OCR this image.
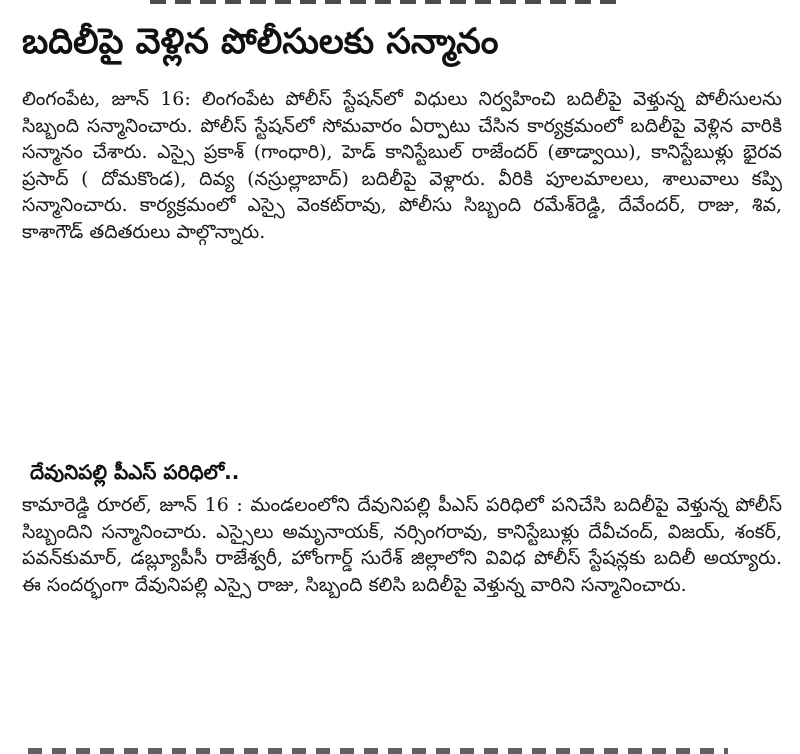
బదిలీపై వెళ్లిన పోలీసులకు సన్మానం

లింగంపేట, జూన్ 16: లింగంపేట పోలీస్ స్టేషన్‌లో విధులు నిర్వహించి బదిలీపై వెళ్తున్న పోలీసులను సిబ్బంది సన్మానించారు. పోలీస్ స్టేషన్‌లో సోమవారం ఏర్పాటు చేసిన కార్యక్రమంలో బదిలీపై వెళ్లిన వారికి సన్మానం చేశారు. ఎస్సై ప్రకాశ్ (గాంధారి), హెడ్ కానిస్టేబుల్ రాజేందర్ (తాడ్వాయి), కానిస్టేబుళ్లు భైరవ ప్రసాద్ ( దోమకొండ), దివ్య (నస్రుల్లాబాద్) బదిలీపై వెళ్లారు. వీరికి పూలమాలలు, శాలువాలు కప్పి సన్మానించారు. కార్యక్రమంలో ఎస్సై వెంకట్‌రావు, పోలీసు సిబ్బంది రమేశ్‌రెడ్డి, దేవేందర్, రాజు, శివ, కాశాగౌడ్ తదితరులు పాల్గొన్నారు.

దేవునిపల్లి పీఎస్ పరిధిలో..

కామారెడ్డి రూరల్, జూన్ 16 : మండలంలోని దేవునిపల్లి పీఎస్ పరిధిలో పనిచేసి బదిలీపై వెళ్తున్న పోలీస్ సిబ్బందిని సన్మానించారు. ఎస్సైలు అమృనాయక్, నర్సింగరావు, కానిస్టేబుళ్లు దేవీచంద్, విజయ్, శంకర్, పవన్‌కుమార్, డబ్ల్యూపీసీ రాజేశ్వరీ, హోంగార్డ్ సురేశ్ జిల్లాలోని వివిధ పోలీస్ స్టేషన్లకు బదిలీ అయ్యారు. ఈ సందర్భంగా దేవునిపల్లి ఎస్సై రాజు, సిబ్బంది కలిసి బదిలీపై వెళ్తున్న వారిని సన్మానించారు.
